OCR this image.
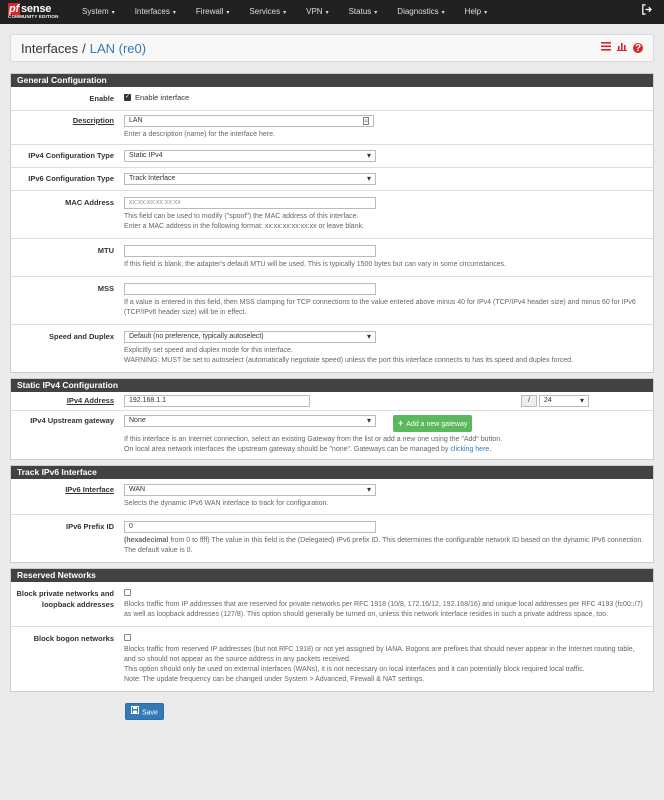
pf sense
COMMUNITY EDITION
System ▾	Interfaces ▾	Firewall ▾	Services ▾	VPN ▾	Status ▾	Diagnostics ▾	Help ▾
Interfaces / LAN (re0)	?
General Configuration
Enable
✓	Enable interface
Description	LAN
Enter a description (name) for the interface here.
IPv4 Configuration Type	Static IPv4 ▾
IPv6 Configuration Type	Track Interface ▾
MAC Address	xx:xx:xx:xx:xx:xx
This field can be used to modify ("spoof") the MAC address of this interface.
Enter a MAC address in the following format: xx:xx:xx:xx:xx:xx or leave blank.
MTU
If this field is blank, the adapter's default MTU will be used. This is typically 1500 bytes but can vary in some circumstances.
MSS
If a value is entered in this field, then MSS clamping for TCP connections to the value entered above minus 40 for IPv4 (TCP/IPv4 header size) and minus 60 for IPv6 (TCP/IPv6 header size) will be in effect.
Speed and Duplex	Default (no preference, typically autoselect) ▾
Explicitly set speed and duplex mode for this interface.
WARNING: MUST be set to autoselect (automatically negotiate speed) unless the port this interface connects to has its speed and duplex forced.
Static IPv4 Configuration
IPv4 Address	192.168.1.1	/	24 ▾
IPv4 Upstream gateway	None ▾	+ Add a new gateway
If this interface is an Internet connection, select an existing Gateway from the list or add a new one using the "Add" button.
On local area network interfaces the upstream gateway should be "none". Gateways can be managed by clicking here.
Track IPv6 Interface
IPv6 Interface	WAN ▾
Selects the dynamic IPv6 WAN interface to track for configuration.
IPv6 Prefix ID	0
(hexadecimal from 0 to ffff) The value in this field is the (Delegated) IPv6 prefix ID. This determines the configurable network ID based on the dynamic IPv6 connection. The default value is 0.
Reserved Networks
Block private networks and loopback addresses	Blocks traffic from IP addresses that are reserved for private networks per RFC 1918 (10/8, 172.16/12, 192.168/16) and unique local addresses per RFC 4193 (fc00::/7) as well as loopback addresses (127/8). This option should generally be turned on, unless this network interface resides in such a private address space, too.
Block bogon networks
Blocks traffic from reserved IP addresses (but not RFC 1918) or not yet assigned by IANA. Bogons are prefixes that should never appear in the Internet routing table, and so should not appear as the source address in any packets received.
This option should only be used on external interfaces (WANs), it is not necessary on local interfaces and it can potentially block required local traffic.
Note: The update frequency can be changed under System > Advanced, Firewall & NAT settings.
Save
